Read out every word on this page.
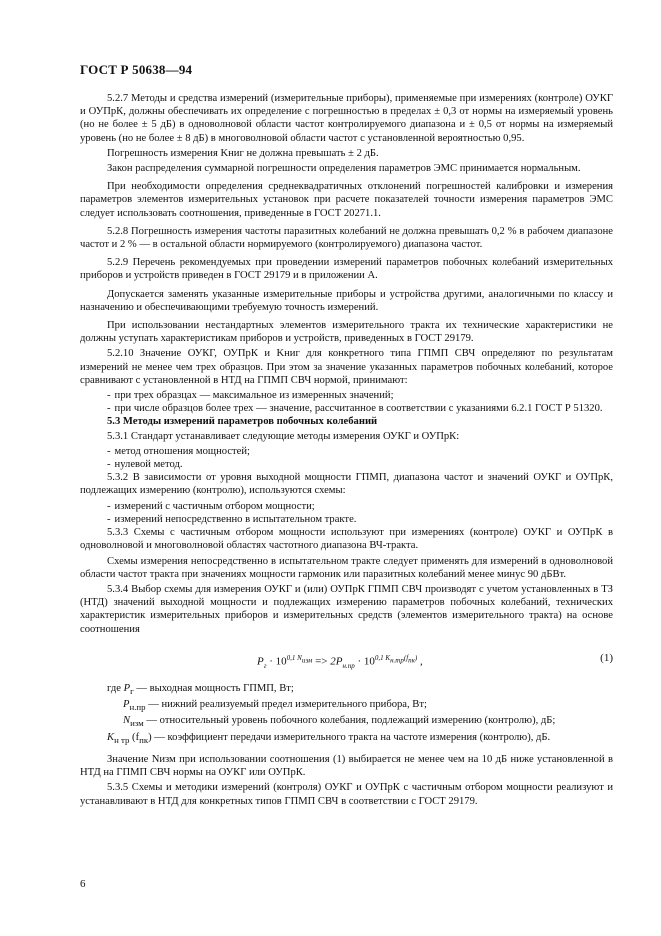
ГОСТ Р 50638—94

5.2.7 Методы и средства измерений (измерительные приборы), применяемые при измерениях (контроле) ОУКГ и ОУПрК, должны обеспечивать их определение с погрешностью в пределах ± 0,3 от нормы на измеряемый уровень (но не более ± 5 дБ) в одноволновой области частот контролируемого диапазона и ± 0,5 от нормы на измеряемый уровень (но не более ± 8 дБ) в многоволновой области частот с установленной вероятностью 0,95.

Погрешность измерения Kниг не должна превышать ± 2 дБ.

Закон распределения суммарной погрешности определения параметров ЭМС принимается нормальным.

При необходимости определения среднеквадратичных отклонений погрешностей калибровки и измерения параметров элементов измерительных установок при расчете показателей точности измерения параметров ЭМС следует использовать соотношения, приведенные в ГОСТ 20271.1.

5.2.8 Погрешность измерения частоты паразитных колебаний не должна превышать 0,2 % в рабочем диапазоне частот и 2 % — в остальной области нормируемого (контролируемого) диапазона частот.

5.2.9 Перечень рекомендуемых при проведении измерений параметров побочных колебаний измерительных приборов и устройств приведен в ГОСТ 29179 и в приложении А.

Допускается заменять указанные измерительные приборы и устройства другими, аналогичными по классу и назначению и обеспечивающими требуемую точность измерений.

При использовании нестандартных элементов измерительного тракта их технические характеристики не должны уступать характеристикам приборов и устройств, приведенных в ГОСТ 29179.

5.2.10 Значение ОУКГ, ОУПрК и Kниг для конкретного типа ГПМП СВЧ определяют по результатам измерений не менее чем трех образцов. При этом за значение указанных параметров побочных колебаний, которое сравнивают с установленной в НТД на ГПМП СВЧ нормой, принимают:

- при трех образцах — максимальное из измеренных значений;

- при числе образцов более трех — значение, рассчитанное в соответствии с указаниями 6.2.1 ГОСТ Р 51320.

5.3 Методы измерений параметров побочных колебаний

5.3.1 Стандарт устанавливает следующие методы измерения ОУКГ и ОУПрК:

- метод отношения мощностей;

- нулевой метод.

5.3.2 В зависимости от уровня выходной мощности ГПМП, диапазона частот и значений ОУКГ и ОУПрК, подлежащих измерению (контролю), используются схемы:

- измерений с частичным отбором мощности;

- измерений непосредственно в испытательном тракте.

5.3.3 Схемы с частичным отбором мощности используют при измерениях (контроле) ОУКГ и ОУПрК в одноволновой и многоволновой областях частотного диапазона ВЧ-тракта.

Схемы измерения непосредственно в испытательном тракте следует применять для измерений в одноволновой области частот тракта при значениях мощности гармоник или паразитных колебаний менее минус 90 дБВт.

5.3.4 Выбор схемы для измерения ОУКГ и (или) ОУПрК ГПМП СВЧ производят с учетом установленных в ТЗ (НТД) значений выходной мощности и подлежащих измерению параметров побочных колебаний, технических характеристик измерительных приборов и измерительных средств (элементов измерительного тракта) на основе соотношения

$P_г \cdot 10^{0,1 N_{изм}} => 2P_{н.пр} \cdot 10^{0,1 K_{н.тр}(f_{пк})}$ ,	(1)

где $P_г$ — выходная мощность ГПМП, Вт;

$P_{н.пр}$ — нижний реализуемый предел измерительного прибора, Вт;

$N_{изм}$ — относительный уровень побочного колебания, подлежащий измерению (контролю), дБ;

$K_{н тр}$ $(f_{пк})$ — коэффициент передачи измерительного тракта на частоте измерения (контролю), дБ.

Значение Nизм при использовании соотношения (1) выбирается не менее чем на 10 дБ ниже установленной в НТД на ГПМП СВЧ нормы на ОУКГ или ОУПрК.

5.3.5 Схемы и методики измерений (контроля) ОУКГ и ОУПрК с частичным отбором мощности реализуют и устанавливают в НТД для конкретных типов ГПМП СВЧ в соответствии с ГОСТ 29179.

6
